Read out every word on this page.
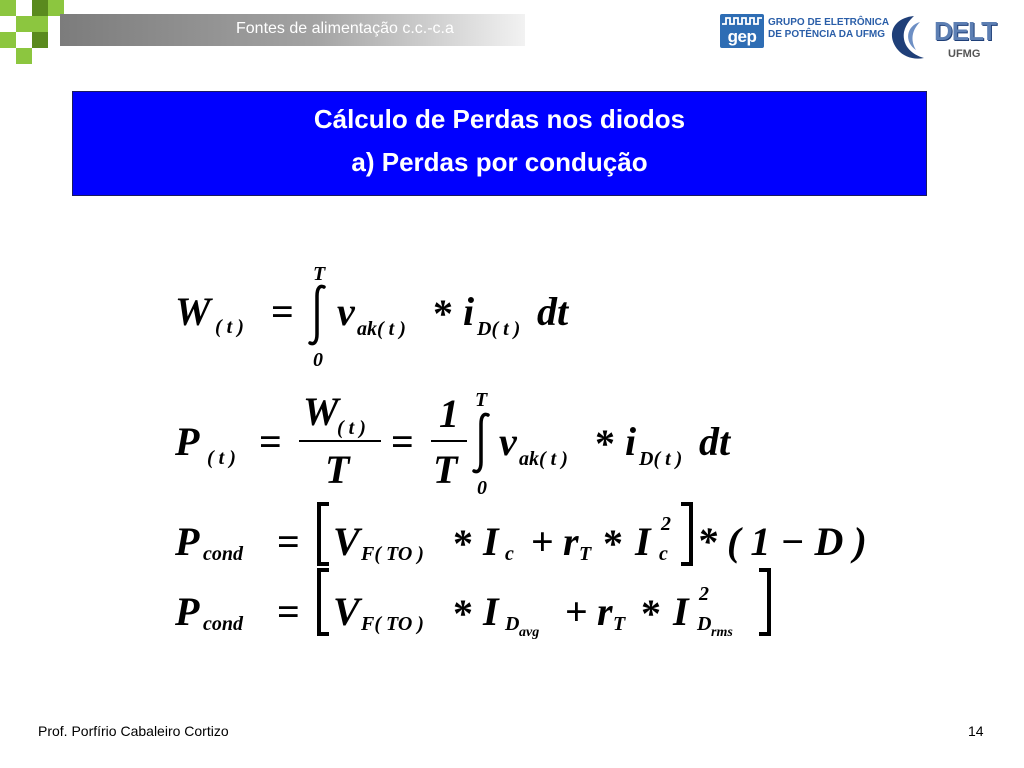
Fontes de alimentação c.c.-c.a	gep
GRUPO DE ELETRÔNICA
DE POTÊNCIA DA UFMG DELT
UFMG
Cálculo de Perdas nos diodos
a) Perdas por condução
W ( t ) =
T
0
v ak( t ) * i D( t ) dt
P ( t ) =
W
( t )
T
=
1
T
T
0
v ak( t ) * i D( t ) dt
P cond = V F( TO ) * I c + r T * I 2
c * ( 1 − D )
P cond = V F( TO ) * I D avg + r T * I 2
D rms
Prof. Porfírio Cabaleiro Cortizo	14
